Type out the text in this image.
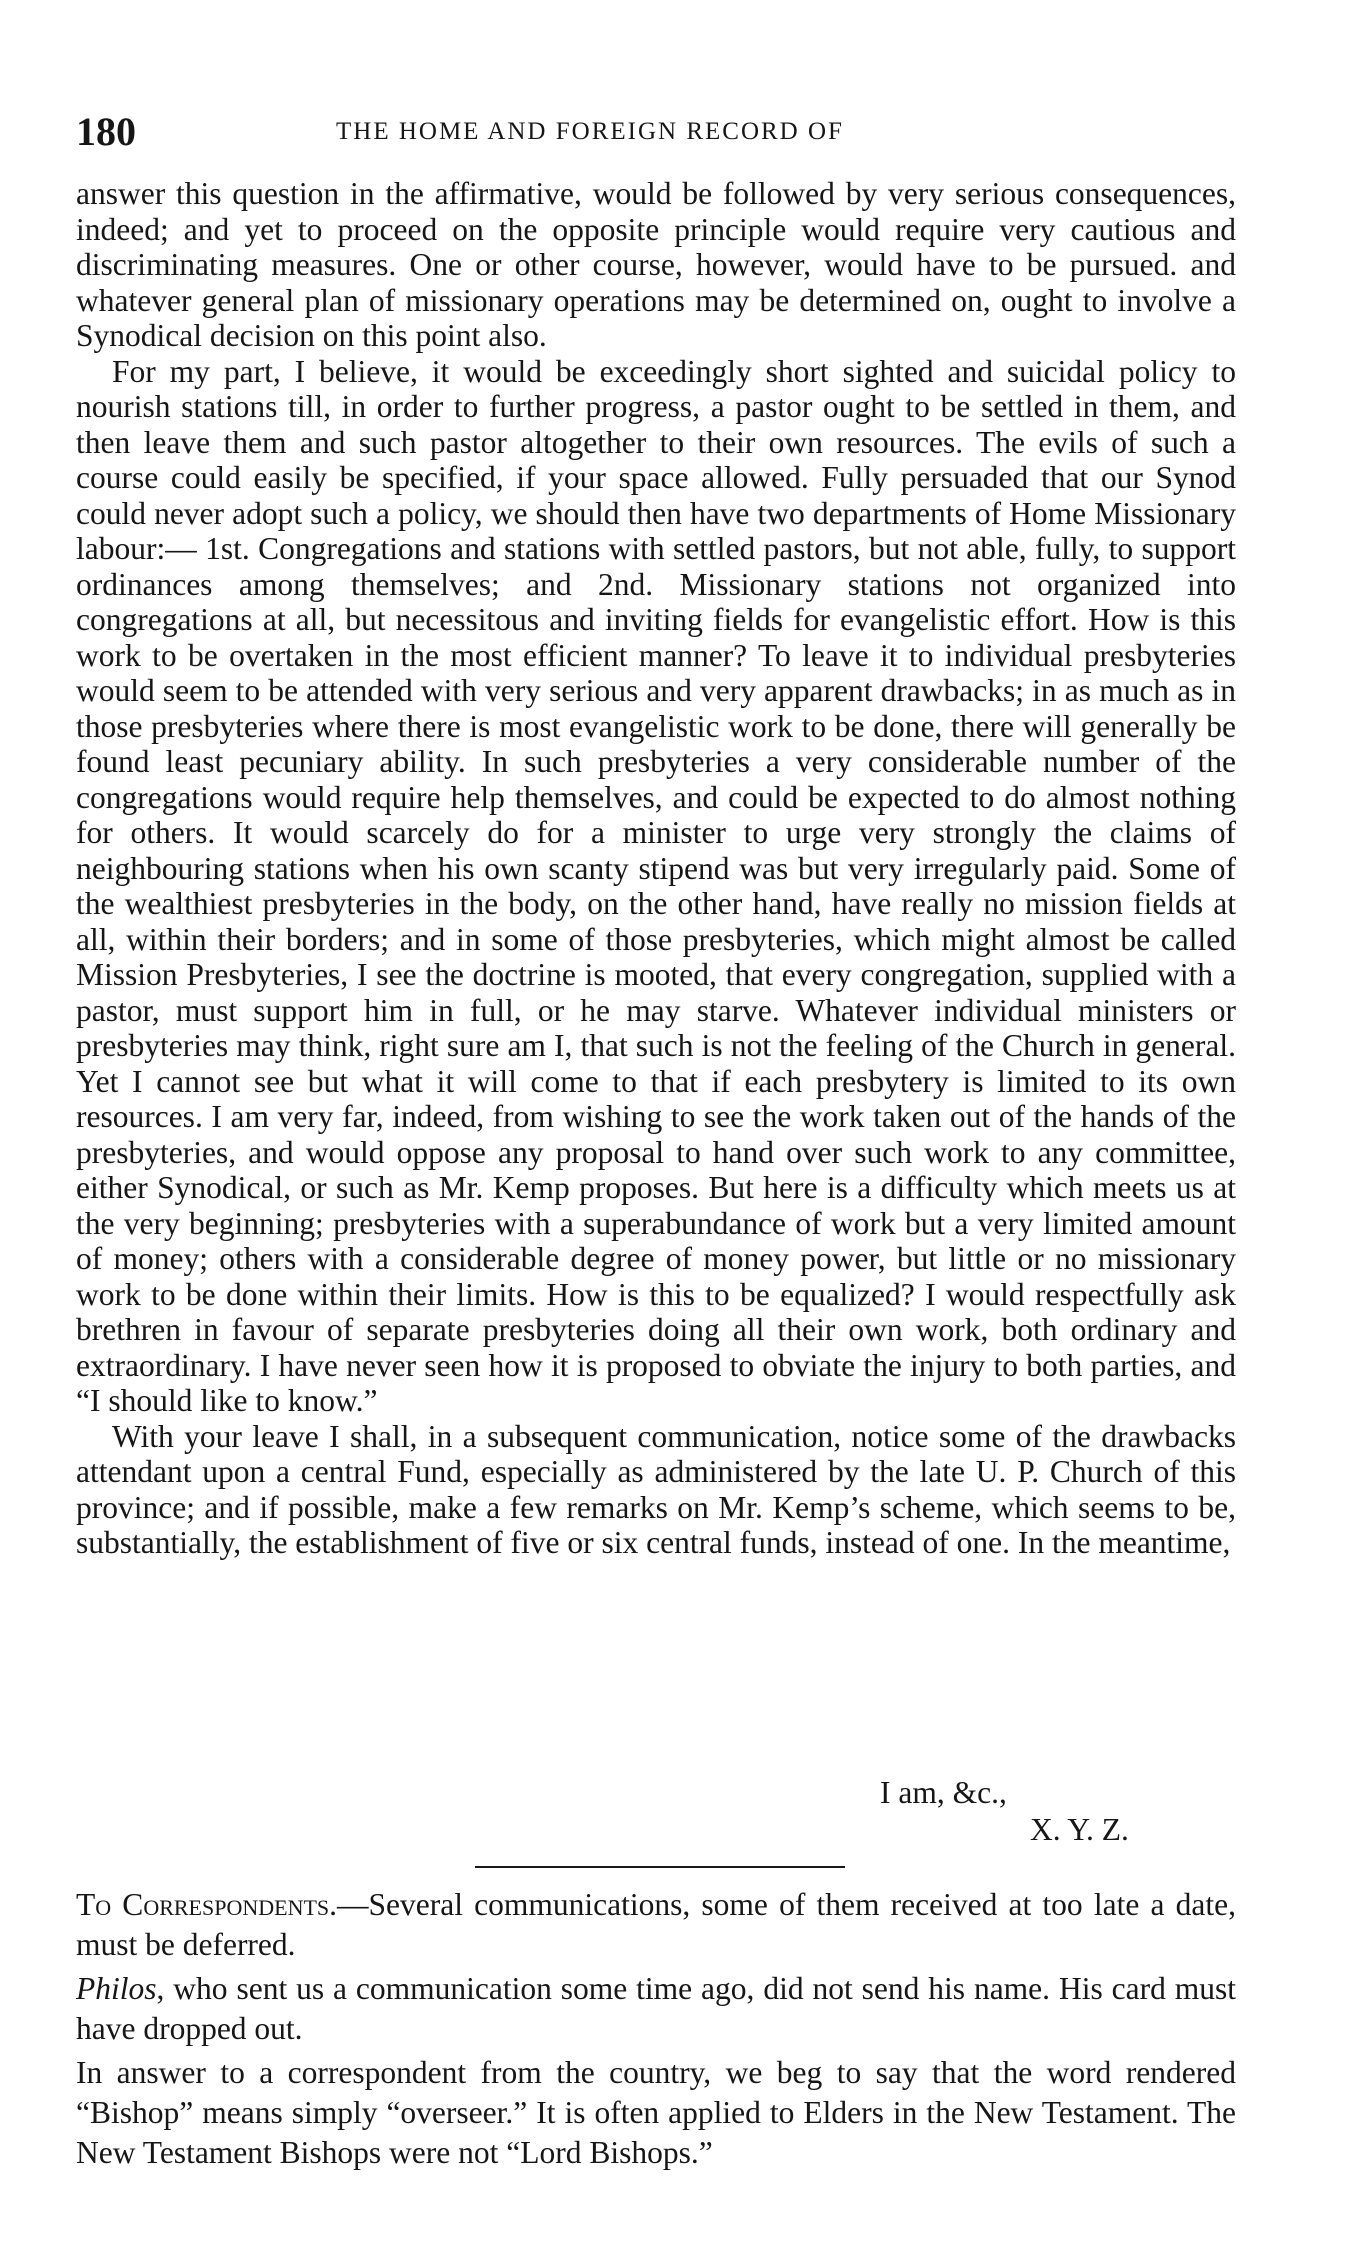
180	THE HOME AND FOREIGN RECORD OF

answer this question in the affirmative, would be followed by very serious consequences, indeed; and yet to proceed on the opposite principle would require very cautious and discriminating measures. One or other course, however, would have to be pursued. and whatever general plan of missionary operations may be determined on, ought to involve a Synodical decision on this point also.

For my part, I believe, it would be exceedingly short sighted and suicidal policy to nourish stations till, in order to further progress, a pastor ought to be settled in them, and then leave them and such pastor altogether to their own resources. The evils of such a course could easily be specified, if your space allowed. Fully persuaded that our Synod could never adopt such a policy, we should then have two departments of Home Missionary labour:— 1st. Congregations and stations with settled pastors, but not able, fully, to support ordinances among themselves; and 2nd. Missionary stations not organized into congregations at all, but necessitous and inviting fields for evangelistic effort. How is this work to be overtaken in the most efficient manner? To leave it to individual presbyteries would seem to be attended with very serious and very apparent drawbacks; in as much as in those presbyteries where there is most evangelistic work to be done, there will generally be found least pecuniary ability. In such presbyteries a very considerable number of the congregations would require help themselves, and could be expected to do almost nothing for others. It would scarcely do for a minister to urge very strongly the claims of neighbouring stations when his own scanty stipend was but very irregularly paid. Some of the wealthiest presbyteries in the body, on the other hand, have really no mission fields at all, within their borders; and in some of those presbyteries, which might almost be called Mission Presbyteries, I see the doctrine is mooted, that every congregation, supplied with a pastor, must support him in full, or he may starve. Whatever individual ministers or presbyteries may think, right sure am I, that such is not the feeling of the Church in general. Yet I cannot see but what it will come to that if each presbytery is limited to its own resources. I am very far, indeed, from wishing to see the work taken out of the hands of the presbyteries, and would oppose any proposal to hand over such work to any committee, either Synodical, or such as Mr. Kemp proposes. But here is a difficulty which meets us at the very beginning; presbyteries with a superabundance of work but a very limited amount of money; others with a considerable degree of money power, but little or no missionary work to be done within their limits. How is this to be equalized? I would respectfully ask brethren in favour of separate presbyteries doing all their own work, both ordinary and extraordinary. I have never seen how it is proposed to obviate the injury to both parties, and “I should like to know.”

With your leave I shall, in a subsequent communication, notice some of the drawbacks attendant upon a central Fund, especially as administered by the late U. P. Church of this province; and if possible, make a few remarks on Mr. Kemp’s scheme, which seems to be, substantially, the establishment of five or six central funds, instead of one. In the meantime,

I am, &c.,
X. Y. Z.

To Correspondents.—Several communications, some of them received at too late a date, must be deferred.

Philos, who sent us a communication some time ago, did not send his name. His card must have dropped out.

In answer to a correspondent from the country, we beg to say that the word rendered “Bishop” means simply “overseer.” It is often applied to Elders in the New Testament. The New Testament Bishops were not “Lord Bishops.”
